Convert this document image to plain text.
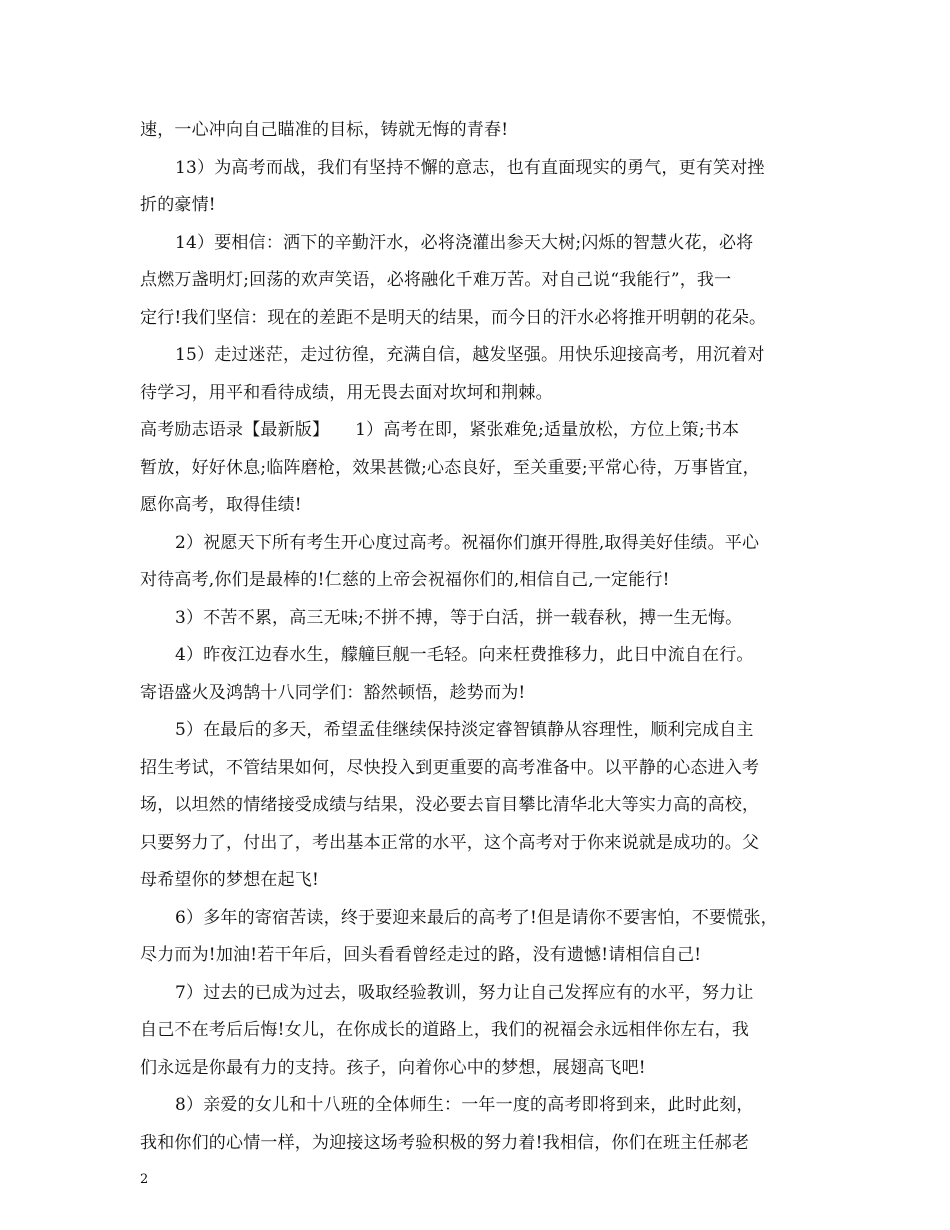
速，一心冲向自己瞄准的目标，铸就无悔的青春!
13）为高考而战，我们有坚持不懈的意志，也有直面现实的勇气，更有笑对挫
折的豪情!
14）要相信：洒下的辛勤汗水，必将浇灌出参天大树;闪烁的智慧火花，必将
点燃万盏明灯;回荡的欢声笑语，必将融化千难万苦。对自己说“我能行”，我一
定行!我们坚信：现在的差距不是明天的结果，而今日的汗水必将推开明朝的花朵。
15）走过迷茫，走过彷徨，充满自信，越发坚强。用快乐迎接高考，用沉着对
待学习，用平和看待成绩，用无畏去面对坎坷和荆棘。
高考励志语录【最新版】　　1）高考在即，紧张难免;适量放松，方位上策;书本
暂放，好好休息;临阵磨枪，效果甚微;心态良好，至关重要;平常心待，万事皆宜，
愿你高考，取得佳绩!
2）祝愿天下所有考生开心度过高考。祝福你们旗开得胜,取得美好佳绩。平心
对待高考,你们是最棒的!仁慈的上帝会祝福你们的,相信自己,一定能行!
3）不苦不累，高三无味;不拼不搏，等于白活，拼一载春秋，搏一生无悔。
4）昨夜江边春水生，艨艟巨舰一毛轻。向来枉费推移力，此日中流自在行。
寄语盛火及鸿鹄十八同学们：豁然顿悟，趁势而为!
5）在最后的多天，希望孟佳继续保持淡定睿智镇静从容理性，顺利完成自主
招生考试，不管结果如何，尽快投入到更重要的高考准备中。以平静的心态进入考
场，以坦然的情绪接受成绩与结果，没必要去盲目攀比清华北大等实力高的高校，
只要努力了，付出了，考出基本正常的水平，这个高考对于你来说就是成功的。父
母希望你的梦想在起飞!
6）多年的寄宿苦读，终于要迎来最后的高考了!但是请你不要害怕，不要慌张，
尽力而为!加油!若干年后，回头看看曾经走过的路，没有遗憾!请相信自己!
7）过去的已成为过去，吸取经验教训，努力让自己发挥应有的水平，努力让
自己不在考后后悔!女儿，在你成长的道路上，我们的祝福会永远相伴你左右，我
们永远是你最有力的支持。孩子，向着你心中的梦想，展翅高飞吧!
8）亲爱的女儿和十八班的全体师生：一年一度的高考即将到来，此时此刻，
我和你们的心情一样，为迎接这场考验积极的努力着!我相信，你们在班主任郝老
2
